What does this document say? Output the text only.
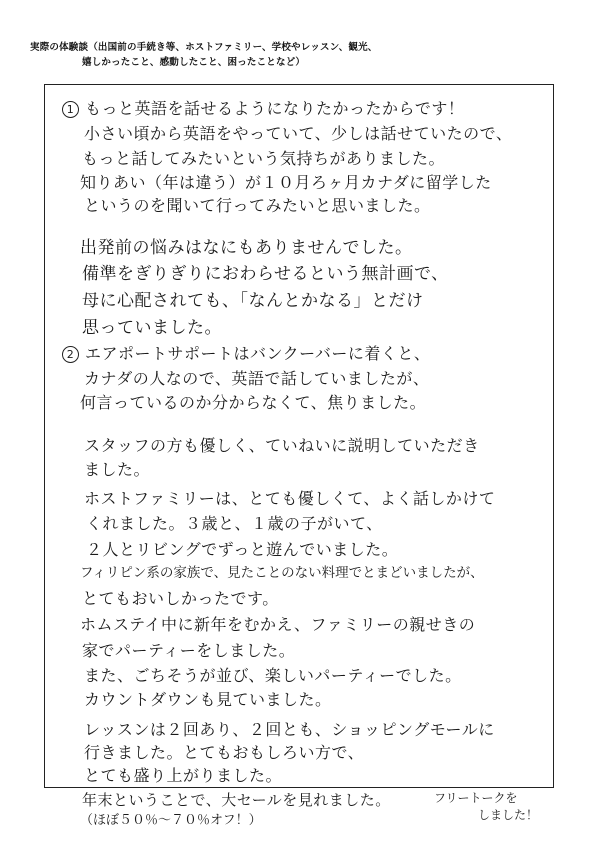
実際の体験談（出国前の手続き等、ホストファミリー、学校やレッスン、観光、
嬉しかったこと、感動したこと、困ったことなど）
1 もっと英語を話せるようになりたかったからです！
小さい頃から英語をやっていて、少しは話せていたので、
もっと話してみたいという気持ちがありました。
知りあい（年は違う）が１０月ろヶ月カナダに留学した
というのを聞いて行ってみたいと思いました。
出発前の悩みはなにもありませんでした。
備準をぎりぎりにおわらせるという無計画で、
母に心配されても、「なんとかなる」とだけ
思っていました。
2 エアポートサポートはバンクーバーに着くと、
カナダの人なので、英語で話していましたが、
何言っているのか分からなくて、焦りました。
スタッフの方も優しく、ていねいに説明していただき
ました。
ホストファミリーは、とても優しくて、よく話しかけて
くれました。３歳と、１歳の子がいて、
２人とリビングでずっと遊んでいました。
フィリピン系の家族で、見たことのない料理でとまどいましたが、
とてもおいしかったです。
ホムステイ中に新年をむかえ、ファミリーの親せきの
家でパーティーをしました。
また、ごちそうが並び、楽しいパーティーでした。
カウントダウンも見ていました。
レッスンは２回あり、２回とも、ショッピングモールに
行きました。とてもおもしろい方で、
とても盛り上がりました。
年末ということで、大セールを見れました。	フリートークを
しました！
（ほぼ５０％～７０％オフ！）
